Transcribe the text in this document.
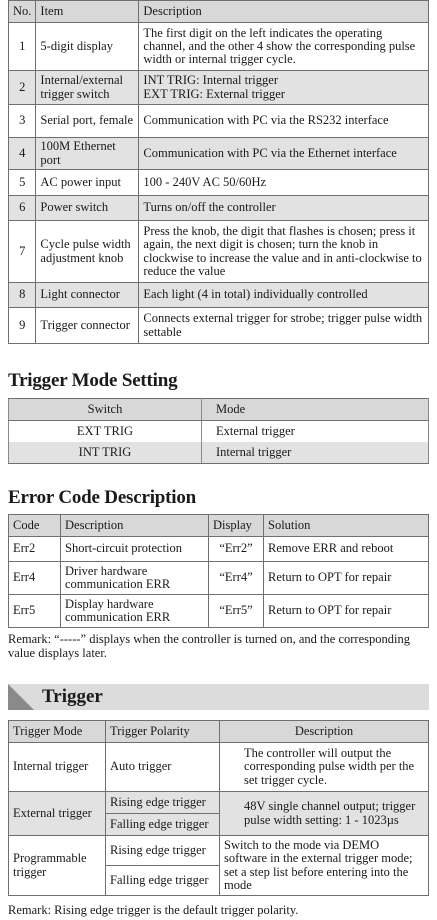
No.	Item	Description
1	5-digit display	The first digit on the left indicates the operating channel, and the other 4 show the corresponding pulse width or internal trigger cycle.
2	Internal/external trigger switch	INT TRIG: Internal trigger
EXT TRIG: External trigger

3	Serial port, female	Communication with PC via the RS232 interface
4	100M Ethernet port	Communication with PC via the Ethernet interface
5	AC power input	100 - 240V AC 50/60Hz
6	Power switch	Turns on/off the controller
7	Cycle pulse width adjustment knob	Press the knob, the digit that flashes is chosen; press it again, the next digit is chosen; turn the knob in clockwise to increase the value and in anti-clockwise to reduce the value
8	Light connector	Each light (4 in total) individually controlled
9	Trigger connector	Connects external trigger for strobe; trigger pulse width settable
Trigger Mode Setting
Switch	Mode
EXT TRIG	External trigger
INT TRIG	Internal trigger
Error Code Description
Code	Description	Display	Solution
Err2	Short-circuit protection	“Err2”	Remove ERR and reboot
Err4	Driver hardware communication ERR	“Err4”	Return to OPT for repair
Err5	Display hardware communication ERR	“Err5”	Return to OPT for repair
Remark: “-----” displays when the controller is turned on, and the corresponding value displays later.
Trigger
Trigger Mode	Trigger Polarity	Description
Internal trigger	Auto trigger	The controller will output the corresponding pulse width per the set trigger cycle.
External trigger	Rising edge trigger	48V single channel output; trigger pulse width setting: 1 - 1023µs
	Falling edge trigger	
Programmable trigger	Rising edge trigger	Switch to the mode via DEMO software in the external trigger mode; set a step list before entering into the mode
	Falling edge trigger	
Remark: Rising edge trigger is the default trigger polarity.
